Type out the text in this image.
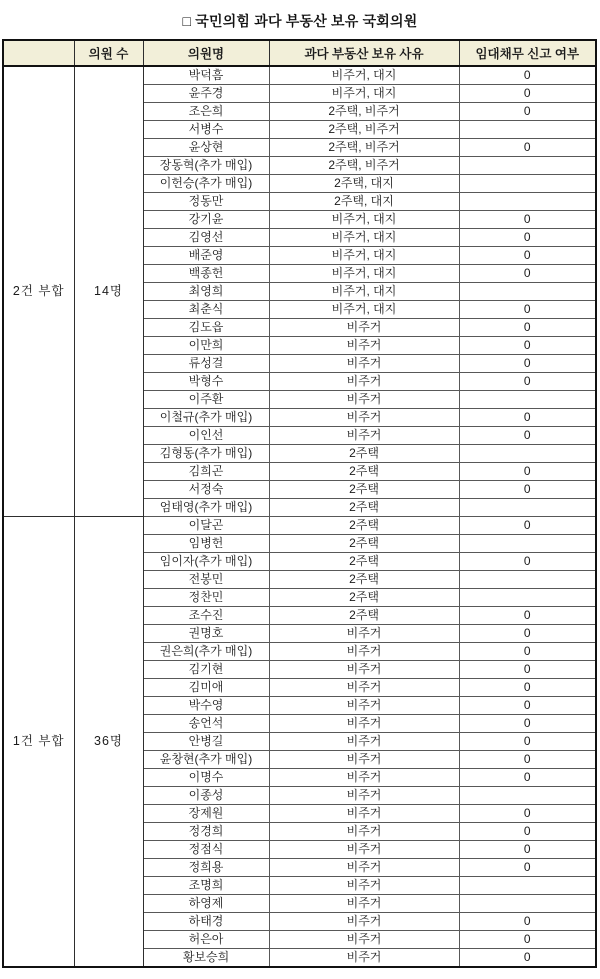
□ 국민의힘 과다 부동산 보유 국회의원
	의원 수	의원명	과다 부동산 보유 사유	임대채무 신고 여부
2건 부합	14명	박덕흠	비주거, 대지	0
		윤주경	비주거, 대지	0
		조은희	2주택, 비주거	0
		서병수	2주택, 비주거	
		윤상현	2주택, 비주거	0
		장동혁(추가 매입)	2주택, 비주거	
		이헌승(추가 매입)	2주택, 대지	
		정동만	2주택, 대지	
		강기윤	비주거, 대지	0
		김영선	비주거, 대지	0
		배준영	비주거, 대지	0
		백종헌	비주거, 대지	0
		최영희	비주거, 대지	
		최춘식	비주거, 대지	0
		김도읍	비주거	0
		이만희	비주거	0
		류성걸	비주거	0
		박형수	비주거	0
		이주환	비주거	
		이철규(추가 매입)	비주거	0
		이인선	비주거	0
		김형동(추가 매입)	2주택	
		김희곤	2주택	0
		서정숙	2주택	0
		엄태영(추가 매입)	2주택	
1건 부합	36명	이달곤	2주택	0
		임병헌	2주택	
		임이자(추가 매입)	2주택	0
		전봉민	2주택	
		정찬민	2주택	
		조수진	2주택	0
		권명호	비주거	0
		권은희(추가 매입)	비주거	0
		김기현	비주거	0
		김미애	비주거	0
		박수영	비주거	0
		송언석	비주거	0
		안병길	비주거	0
		윤창현(추가 매입)	비주거	0
		이명수	비주거	0
		이종성	비주거	
		장제원	비주거	0
		정경희	비주거	0
		정점식	비주거	0
		정희용	비주거	0
		조명희	비주거	
		하영제	비주거	
		하태경	비주거	0
		허은아	비주거	0
		황보승희	비주거	0
